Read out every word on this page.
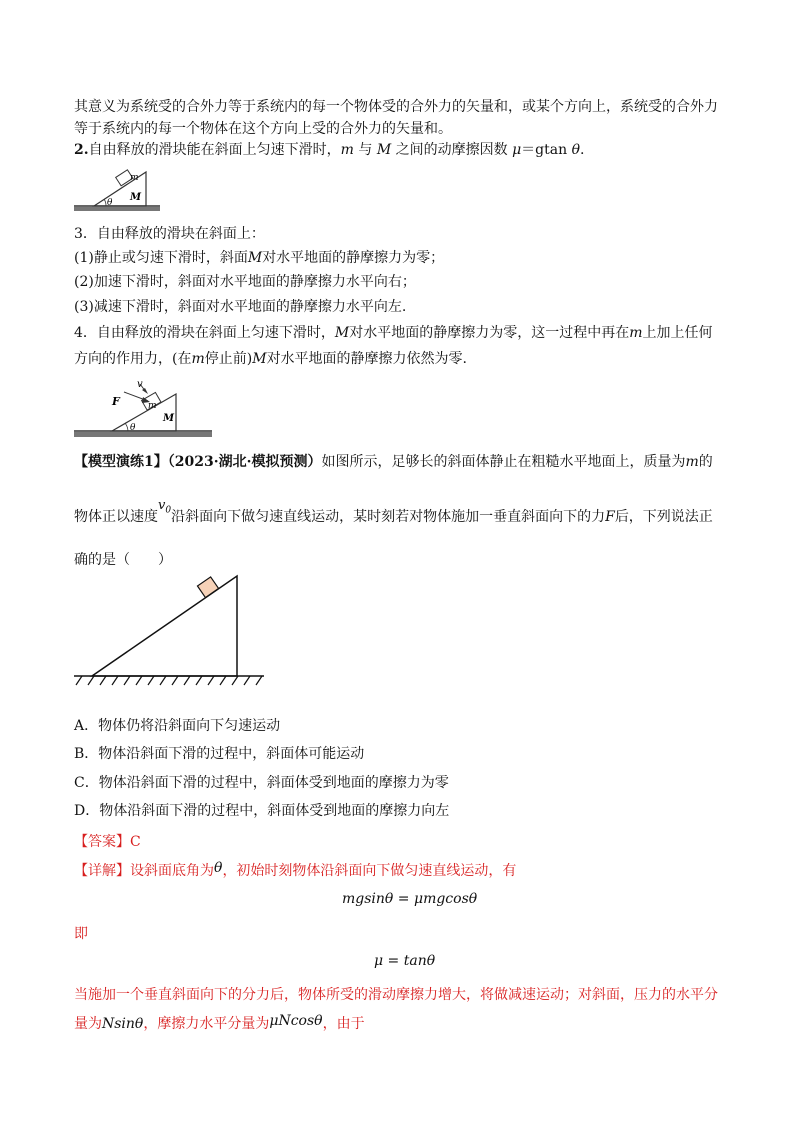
其意义为系统受的合外力等于系统内的每一个物体受的合外力的矢量和，或某个方向上，系统受的合外力
等于系统内的每一个物体在这个方向上受的合外力的矢量和。
2.自由释放的滑块能在斜面上匀速下滑时，m 与 M 之间的动摩擦因数 μ＝gtan θ.
m
M
θ
3．自由释放的滑块在斜面上：
(1)静止或匀速下滑时，斜面M对水平地面的静摩擦力为零；
(2)加速下滑时，斜面对水平地面的静摩擦力水平向右；
(3)减速下滑时，斜面对水平地面的静摩擦力水平向左.
4．自由释放的滑块在斜面上匀速下滑时，M对水平地面的静摩擦力为零，这一过程中再在m上加上任何
方向的作用力，(在m停止前)M对水平地面的静摩擦力依然为零.
v
F	m
M
θ
【模型演练1】（2023·湖北·模拟预测）如图所示，足够长的斜面体静止在粗糙水平地面上，质量为m的
物体正以速度$v_0$沿斜面向下做匀速直线运动，某时刻若对物体施加一垂直斜面向下的力F后，下列说法正
确的是（　　）
A．物体仍将沿斜面向下匀速运动
B．物体沿斜面下滑的过程中，斜面体可能运动
C．物体沿斜面下滑的过程中，斜面体受到地面的摩擦力为零
D．物体沿斜面下滑的过程中，斜面体受到地面的摩擦力向左
【答案】C
【详解】设斜面底角为θ，初始时刻物体沿斜面向下做匀速直线运动，有
mgsinθ = μmgcosθ
即
μ = tanθ
当施加一个垂直斜面向下的分力后，物体所受的滑动摩擦力增大，将做减速运动；对斜面，压力的水平分
量为Nsinθ，摩擦力水平分量为μNcosθ，由于
